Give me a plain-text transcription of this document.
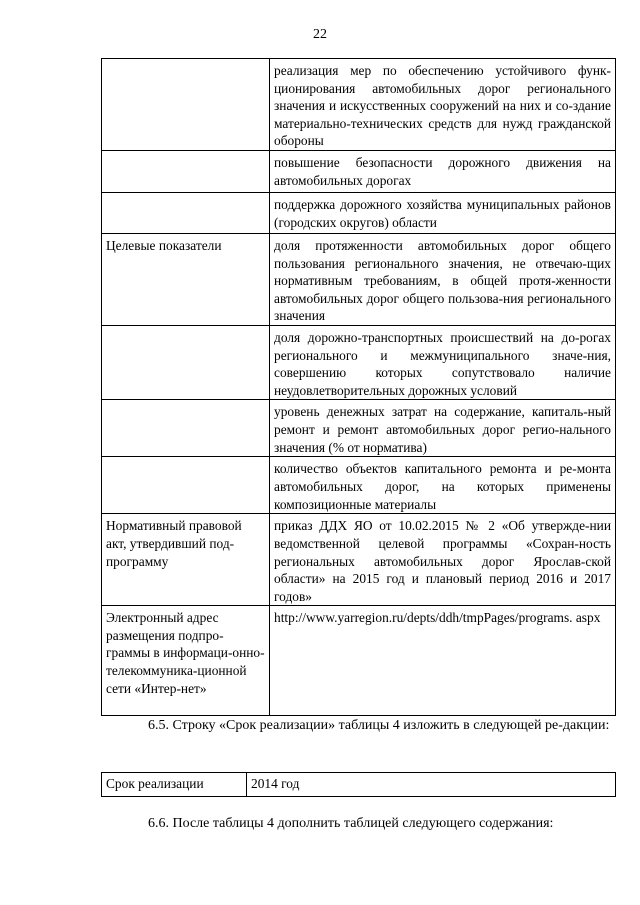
22
	реализация мер по обеспечению устойчивого функ-ционирования автомобильных дорог регионального значения и искусственных сооружений на них и со-здание материально-технических средств для нужд гражданской обороны
	повышение безопасности дорожного движения на автомобильных дорогах
	поддержка дорожного хозяйства муниципальных районов (городских округов) области
Целевые показатели	доля протяженности автомобильных дорог общего пользования регионального значения, не отвечаю-щих нормативным требованиям, в общей протя-женности автомобильных дорог общего пользова-ния регионального значения
	доля дорожно-транспортных происшествий на до-рогах регионального и межмуниципального значе-ния, совершению которых сопутствовало наличие неудовлетворительных дорожных условий
	уровень денежных затрат на содержание, капиталь-ный ремонт и ремонт автомобильных дорог регио-нального значения (% от норматива)
	количество объектов капитального ремонта и ре-монта автомобильных дорог, на которых применены композиционные материалы
Нормативный правовой акт, утвердивший под-программу	приказ ДДХ ЯО от 10.02.2015 № 2 «Об утвержде-нии ведомственной целевой программы «Сохран-ность региональных автомобильных дорог Ярослав-ской области» на 2015 год и плановый период 2016 и 2017 годов»
Электронный адрес размещения подпро-граммы в информаци-онно-телекоммуника-ционной сети «Интер-нет»	http://www.yarregion.ru/depts/ddh/tmpPages/programs. aspx
6.5. Строку «Срок реализации» таблицы 4 изложить в следующей ре-дакции:
Срок реализации	2014 год
6.6. После таблицы 4 дополнить таблицей следующего содержания:
